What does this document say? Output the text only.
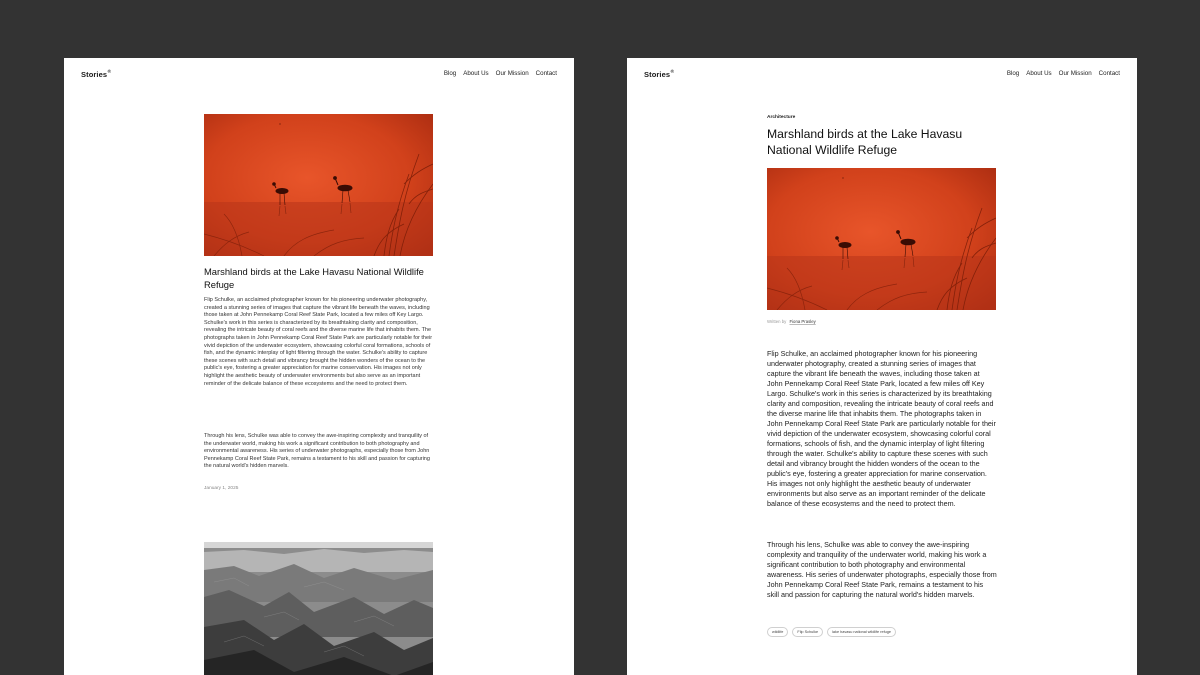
Stories®	Blog About Us Our Mission Contact
Marshland birds at the Lake Havasu National Wildlife Refuge

Flip Schulke, an acclaimed photographer known for his pioneering underwater photography, created a stunning series of images that capture the vibrant life beneath the waves, including those taken at John Pennekamp Coral Reef State Park, located a few miles off Key Largo. Schulke's work in this series is characterized by its breathtaking clarity and composition, revealing the intricate beauty of coral reefs and the diverse marine life that inhabits them. The photographs taken in John Pennekamp Coral Reef State Park are particularly notable for their vivid depiction of the underwater ecosystem, showcasing colorful coral formations, schools of fish, and the dynamic interplay of light filtering through the water. Schulke's ability to capture these scenes with such detail and vibrancy brought the hidden wonders of the ocean to the public's eye, fostering a greater appreciation for marine conservation. His images not only highlight the aesthetic beauty of underwater environments but also serve as an important reminder of the delicate balance of these ecosystems and the need to protect them.

Through his lens, Schulke was able to convey the awe-inspiring complexity and tranquility of the underwater world, making his work a significant contribution to both photography and environmental awareness. His series of underwater photographs, especially those from John Pennekamp Coral Reef State Park, remains a testament to his skill and passion for capturing the natural world's hidden marvels.

January 1, 2025
Stories®	Blog About Us Our Mission Contact
Architecture
Marshland birds at the Lake Havasu National Wildlife Refuge
Written by Fiona Prasley

Flip Schulke, an acclaimed photographer known for his pioneering underwater photography, created a stunning series of images that capture the vibrant life beneath the waves, including those taken at John Pennekamp Coral Reef State Park, located a few miles off Key Largo. Schulke's work in this series is characterized by its breathtaking clarity and composition, revealing the intricate beauty of coral reefs and the diverse marine life that inhabits them. The photographs taken in John Pennekamp Coral Reef State Park are particularly notable for their vivid depiction of the underwater ecosystem, showcasing colorful coral formations, schools of fish, and the dynamic interplay of light filtering through the water. Schulke's ability to capture these scenes with such detail and vibrancy brought the hidden wonders of the ocean to the public's eye, fostering a greater appreciation for marine conservation. His images not only highlight the aesthetic beauty of underwater environments but also serve as an important reminder of the delicate balance of these ecosystems and the need to protect them.

Through his lens, Schulke was able to convey the awe-inspiring complexity and tranquility of the underwater world, making his work a significant contribution to both photography and environmental awareness. His series of underwater photographs, especially those from John Pennekamp Coral Reef State Park, remains a testament to his skill and passion for capturing the natural world's hidden marvels.

wildlife	Flip Schulke	lake havasu national wildlife refuge
